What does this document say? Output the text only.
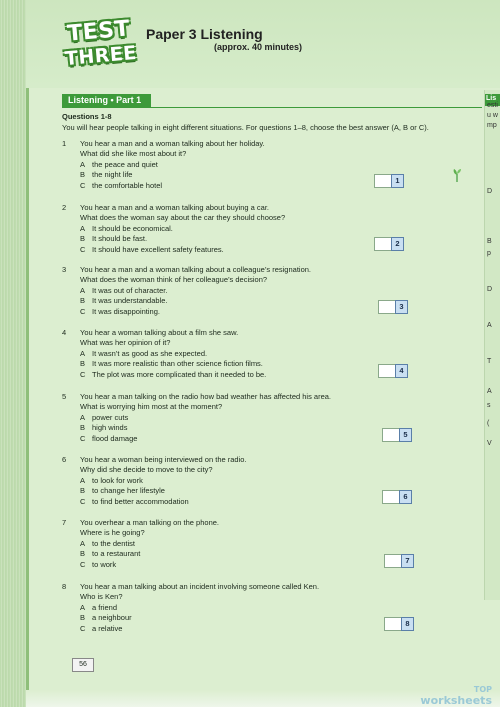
TEST
THREE
Paper 3 Listening
(approx. 40 minutes)
Listening • Part 1
Questions 1-8
You will hear people talking in eight different situations. For questions 1–8, choose the best answer (A, B or C).
1 You hear a man and a woman talking about her holiday.
What did she like most about it?
A the peace and quiet
B the night life
C the comfortable hotel
1
2 You hear a man and a woman talking about buying a car.
What does the woman say about the car they should choose?
A It should be economical.
B It should be fast.
C It should have excellent safety features.
2
3 You hear a man and a woman talking about a colleague’s resignation.
What does the woman think of her colleague’s decision?
A It was out of character.
B It was understandable.
C It was disappointing.
3
4 You hear a woman talking about a film she saw.
What was her opinion of it?
A It wasn’t as good as she expected.
B It was more realistic than other science fiction films.
C The plot was more complicated than it needed to be.	4
5 You hear a man talking on the radio how bad weather has affected his area.
What is worrying him most at the moment?
A power cuts
B high winds
C flood damage	5
6 You hear a woman being interviewed on the radio.
Why did she decide to move to the city?
A to look for work
B to change her lifestyle
C to find better accommodation
6
7 You overhear a man talking on the phone.
Where is he going?
A to the dentist
B to a restaurant
C to work	7
8 You hear a man talking about an incident involving someone called Ken.
Who is Ken?
A a friend
B a neighbour
C a relative
8
Lis
esti
u w
mp
D
B
p
D
A
T
A
s
(
V
56
TOP
worksheets
